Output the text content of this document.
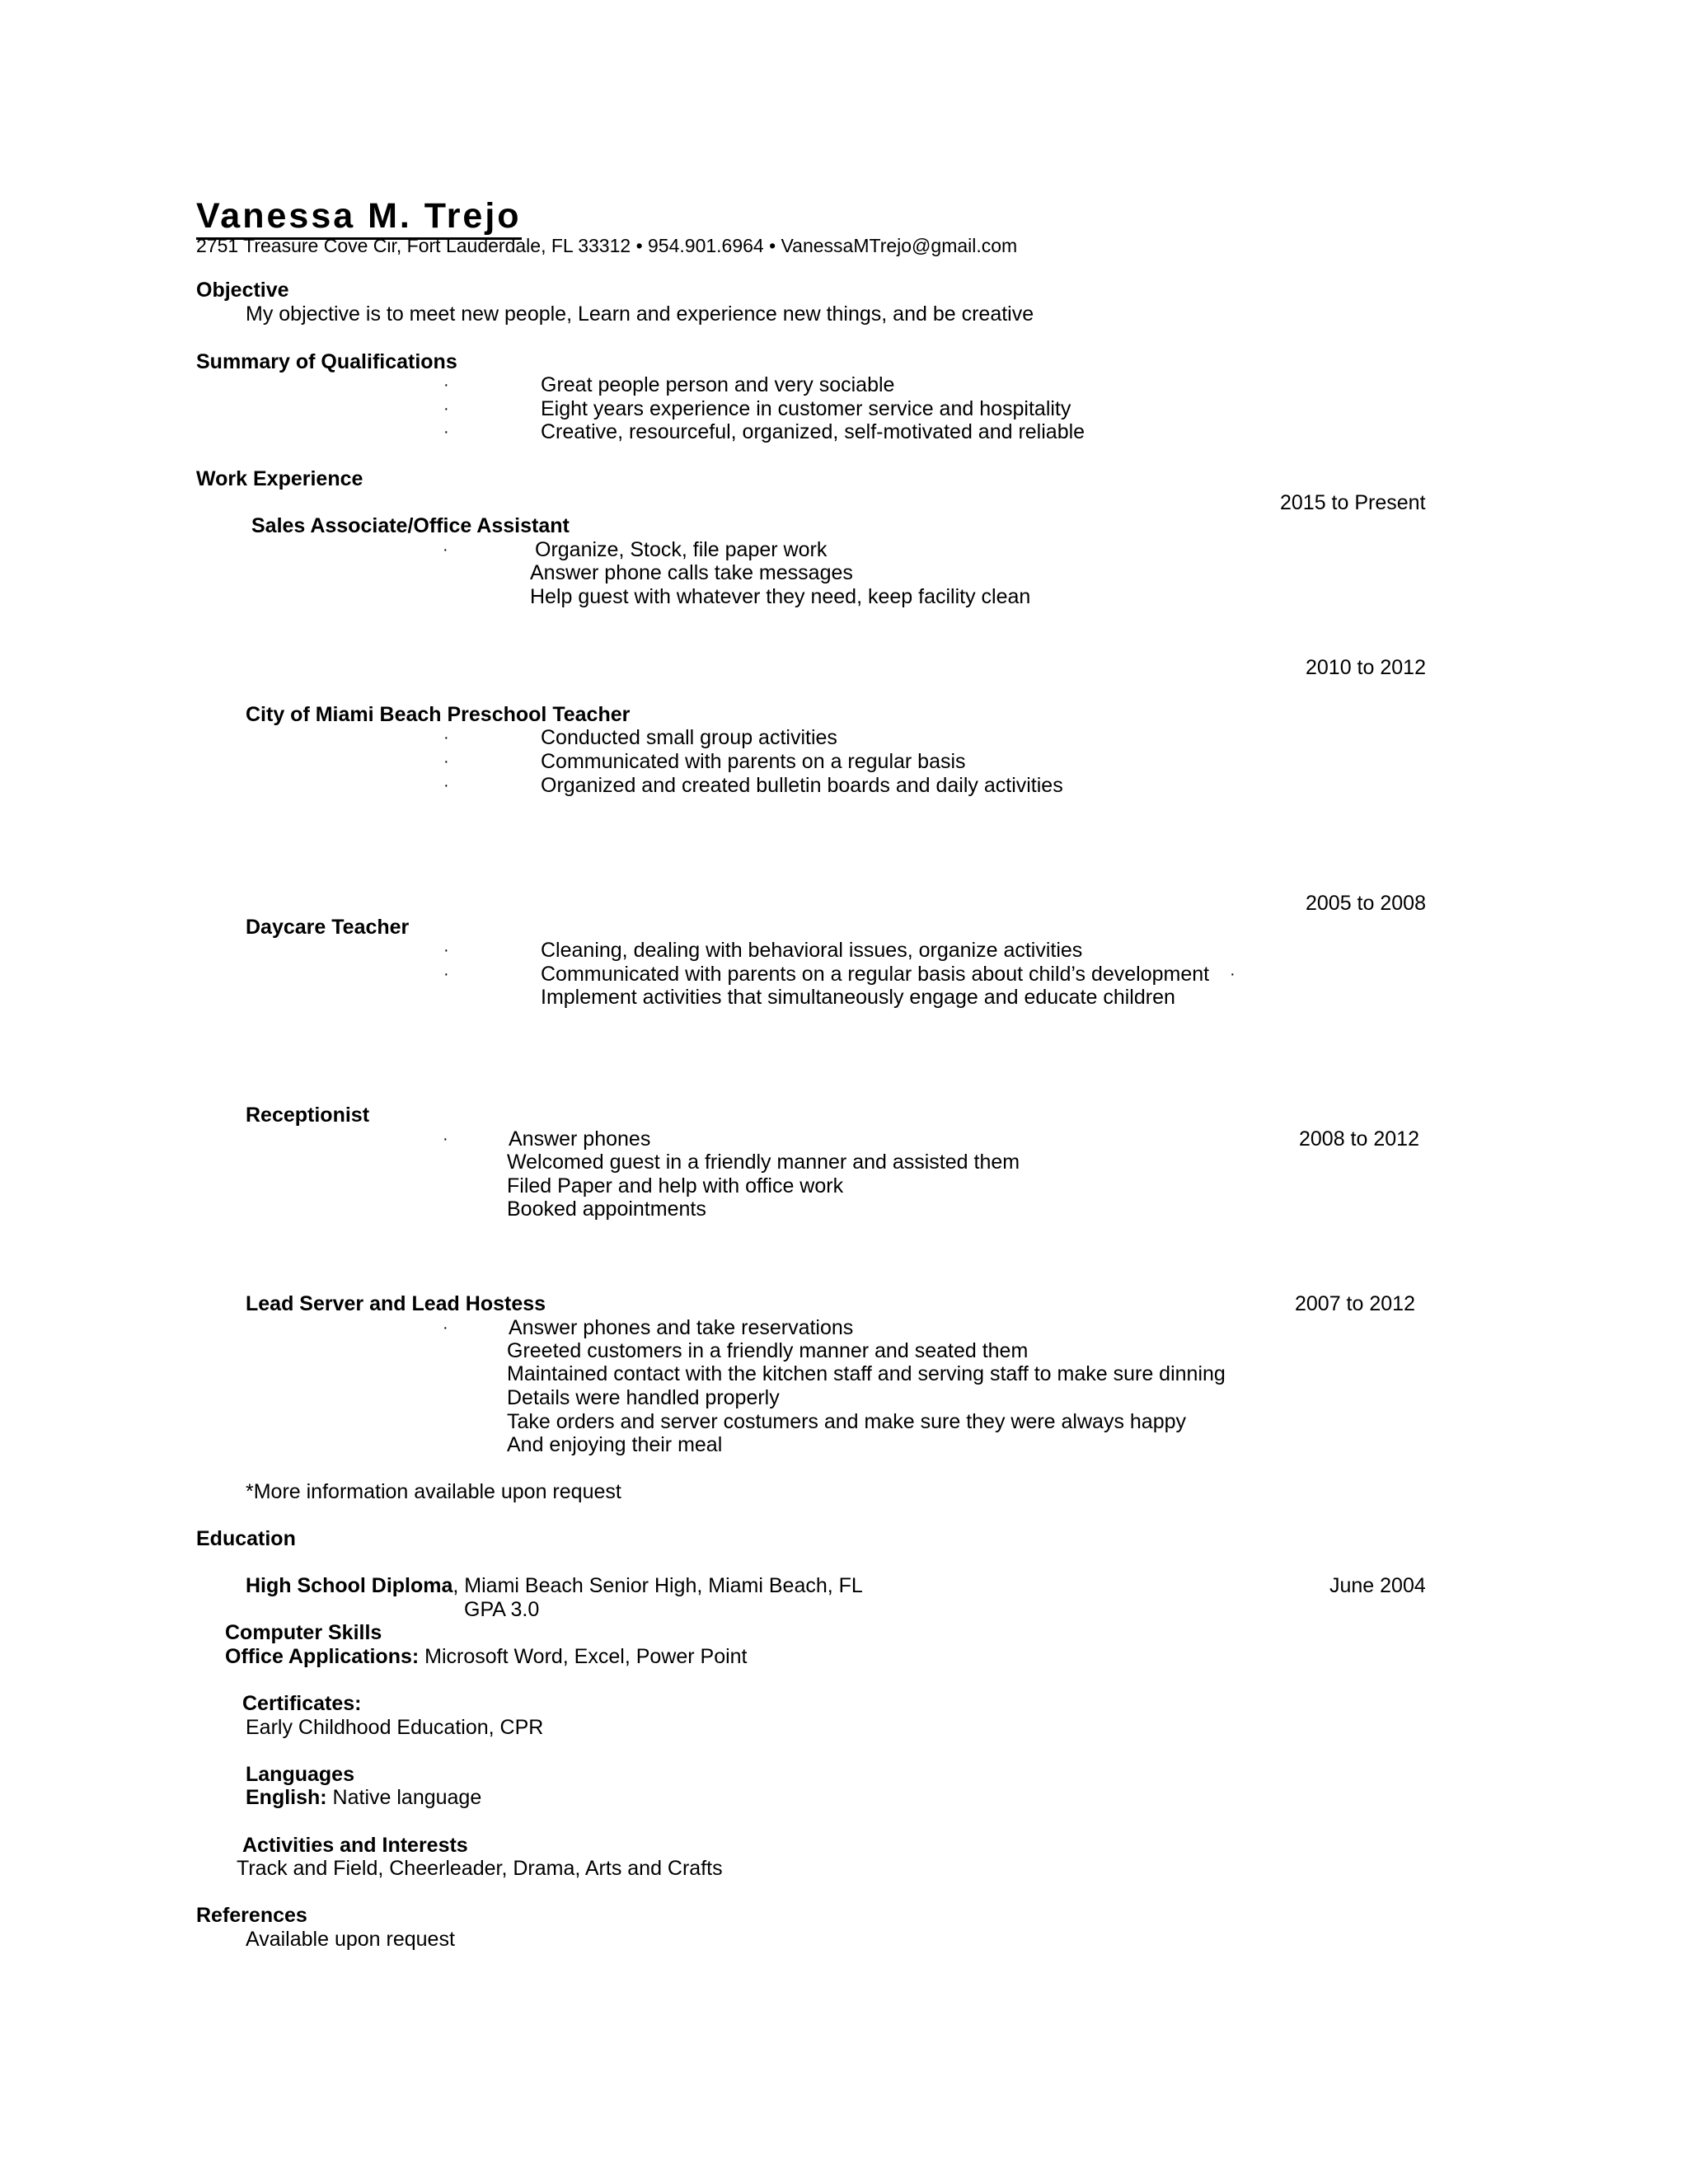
Vanessa M. Trejo
2751 Treasure Cove Cir, Fort Lauderdale, FL 33312 • 954.901.6964 • VanessaMTrejo@gmail.com
Objective
My objective is to meet new people, Learn and experience new things, and be creative
Summary of Qualifications
·	Great people person and very sociable
·	Eight years experience in customer service and hospitality
·	Creative, resourceful, organized, self-motivated and reliable
Work Experience
2015 to Present
Sales Associate/Office Assistant
·	Organize, Stock, file paper work
Answer phone calls take messages
Help guest with whatever they need, keep facility clean
2010 to 2012
City of Miami Beach Preschool Teacher
·	Conducted small group activities
·	Communicated with parents on a regular basis
·	Organized and created bulletin boards and daily activities
2005 to 2008
Daycare Teacher
·	Cleaning, dealing with behavioral issues, organize activities
·	Communicated with parents on a regular basis about child’s development ·
Implement activities that simultaneously engage and educate children
Receptionist
·	Answer phones	2008 to 2012
Welcomed guest in a friendly manner and assisted them
Filed Paper and help with office work
Booked appointments
Lead Server and Lead Hostess	2007 to 2012
·	Answer phones and take reservations
Greeted customers in a friendly manner and seated them
Maintained contact with the kitchen staff and serving staff to make sure dinning
Details were handled properly
Take orders and server costumers and make sure they were always happy
And enjoying their meal
*More information available upon request
Education
High School Diploma, Miami Beach Senior High, Miami Beach, FL	June 2004
GPA 3.0
Computer Skills
Office Applications: Microsoft Word, Excel, Power Point
Certificates:
Early Childhood Education, CPR
Languages
English: Native language
Activities and Interests
Track and Field, Cheerleader, Drama, Arts and Crafts
References
Available upon request
